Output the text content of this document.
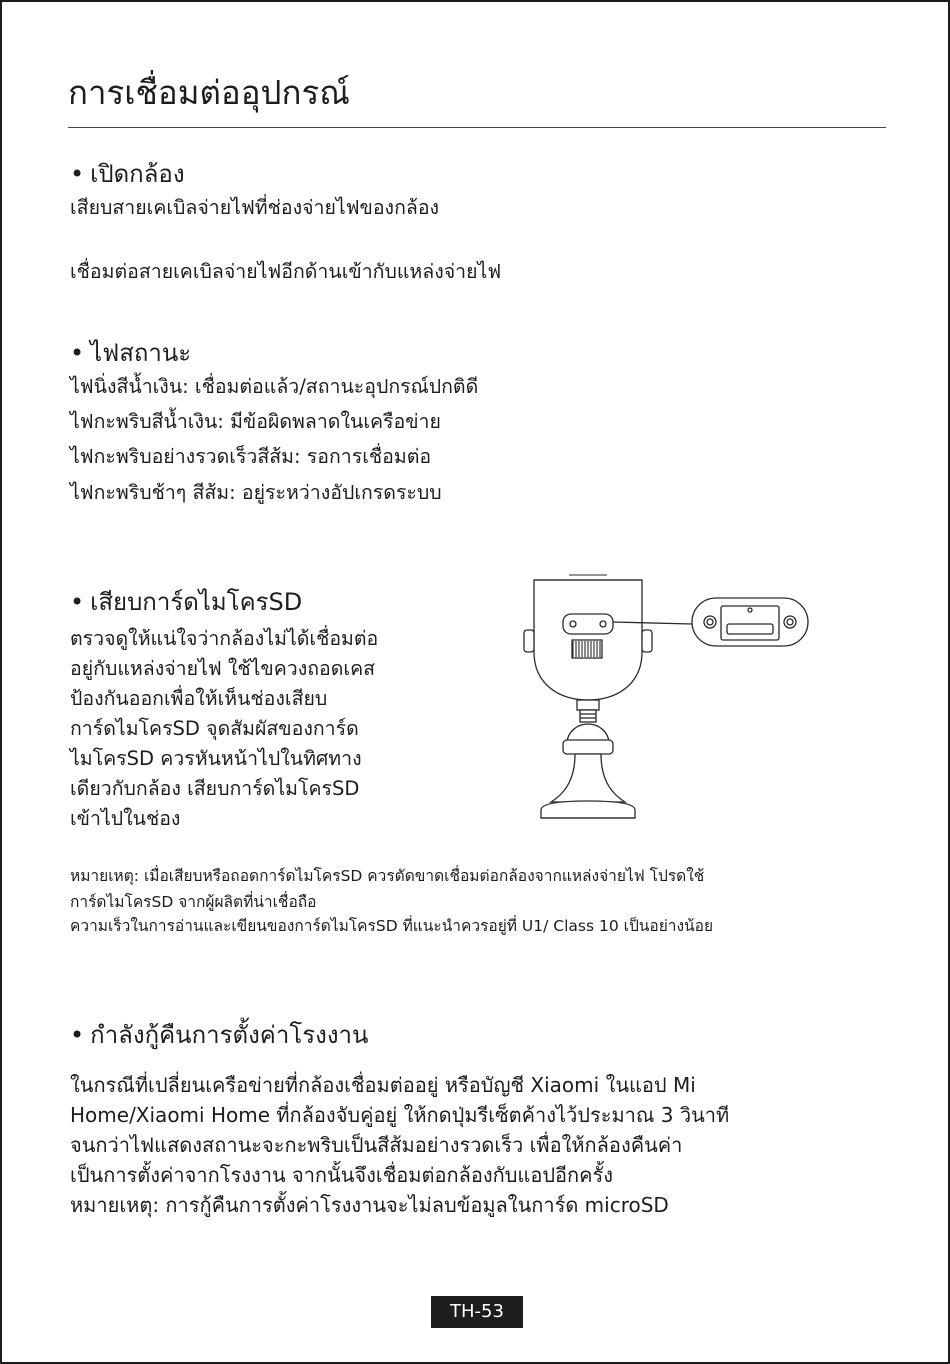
การเชื่อมต่ออุปกรณ์
• เปิดกล้อง
เสียบสายเคเบิลจ่ายไฟที่ช่องจ่ายไฟของกล้อง
เชื่อมต่อสายเคเบิลจ่ายไฟอีกด้านเข้ากับแหล่งจ่ายไฟ
• ไฟสถานะ
ไฟนิ่งสีน้ำเงิน: เชื่อมต่อแล้ว/สถานะอุปกรณ์ปกติดี
ไฟกะพริบสีน้ำเงิน: มีข้อผิดพลาดในเครือข่าย
ไฟกะพริบอย่างรวดเร็วสีส้ม: รอการเชื่อมต่อ
ไฟกะพริบช้าๆ สีส้ม: อยู่ระหว่างอัปเกรดระบบ
• เสียบการ์ดไมโครSD
ตรวจดูให้แน่ใจว่ากล้องไม่ได้เชื่อมต่อ
อยู่กับแหล่งจ่ายไฟ ใช้ไขควงถอดเคส
ป้องกันออกเพื่อให้เห็นช่องเสียบ
การ์ดไมโครSD จุดสัมผัสของการ์ด
ไมโครSD ควรหันหน้าไปในทิศทาง
เดียวกับกล้อง เสียบการ์ดไมโครSD
เข้าไปในช่อง
หมายเหตุ: เมื่อเสียบหรือถอดการ์ดไมโครSD ควรตัดขาดเชื่อมต่อกล้องจากแหล่งจ่ายไฟ โปรดใช้
การ์ดไมโครSD จากผู้ผลิตที่น่าเชื่อถือ
ความเร็วในการอ่านและเขียนของการ์ดไมโครSD ที่แนะนำควรอยู่ที่ U1/ Class 10 เป็นอย่างน้อย
• กำลังกู้คืนการตั้งค่าโรงงาน
ในกรณีที่เปลี่ยนเครือข่ายที่กล้องเชื่อมต่ออยู่ หรือบัญชี Xiaomi ในแอป Mi
Home/Xiaomi Home ที่กล้องจับคู่อยู่ ให้กดปุ่มรีเซ็ตค้างไว้ประมาณ 3 วินาที
จนกว่าไฟแสดงสถานะจะกะพริบเป็นสีส้มอย่างรวดเร็ว เพื่อให้กล้องคืนค่า
เป็นการตั้งค่าจากโรงงาน จากนั้นจึงเชื่อมต่อกล้องกับแอปอีกครั้ง
หมายเหตุ: การกู้คืนการตั้งค่าโรงงานจะไม่ลบข้อมูลในการ์ด microSD
TH-53
